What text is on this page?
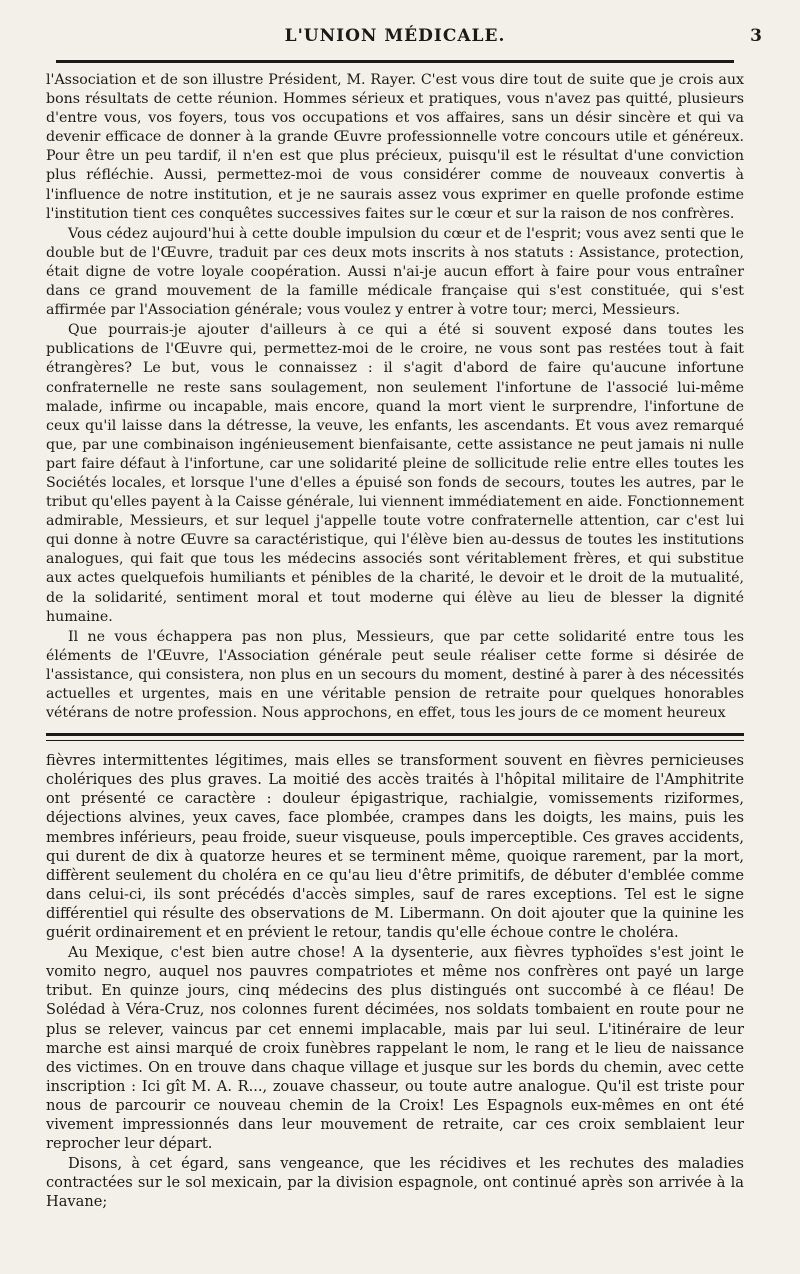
L'UNION MÉDICALE.	3

l'Association et de son illustre Président, M. Rayer. C'est vous dire tout de suite que je crois aux bons résultats de cette réunion. Hommes sérieux et pratiques, vous n'avez pas quitté, plusieurs d'entre vous, vos foyers, tous vos occupations et vos affaires, sans un désir sincère et qui va devenir efficace de donner à la grande Œuvre professionnelle votre concours utile et généreux. Pour être un peu tardif, il n'en est que plus précieux, puisqu'il est le résultat d'une conviction plus réfléchie. Aussi, permettez-moi de vous considérer comme de nouveaux convertis à l'influence de notre institution, et je ne saurais assez vous exprimer en quelle profonde estime l'institution tient ces conquêtes successives faites sur le cœur et sur la raison de nos confrères.

Vous cédez aujourd'hui à cette double impulsion du cœur et de l'esprit; vous avez senti que le double but de l'Œuvre, traduit par ces deux mots inscrits à nos statuts : Assistance, protection, était digne de votre loyale coopération. Aussi n'ai-je aucun effort à faire pour vous entraîner dans ce grand mouvement de la famille médicale française qui s'est constituée, qui s'est affirmée par l'Association générale; vous voulez y entrer à votre tour; merci, Messieurs.

Que pourrais-je ajouter d'ailleurs à ce qui a été si souvent exposé dans toutes les publications de l'Œuvre qui, permettez-moi de le croire, ne vous sont pas restées tout à fait étrangères? Le but, vous le connaissez : il s'agit d'abord de faire qu'aucune infortune confraternelle ne reste sans soulagement, non seulement l'infortune de l'associé lui-même malade, infirme ou incapable, mais encore, quand la mort vient le surprendre, l'infortune de ceux qu'il laisse dans la détresse, la veuve, les enfants, les ascendants. Et vous avez remarqué que, par une combinaison ingénieusement bienfaisante, cette assistance ne peut jamais ni nulle part faire défaut à l'infortune, car une solidarité pleine de sollicitude relie entre elles toutes les Sociétés locales, et lorsque l'une d'elles a épuisé son fonds de secours, toutes les autres, par le tribut qu'elles payent à la Caisse générale, lui viennent immédiatement en aide. Fonctionnement admirable, Messieurs, et sur lequel j'appelle toute votre confraternelle attention, car c'est lui qui donne à notre Œuvre sa caractéristique, qui l'élève bien au-dessus de toutes les institutions analogues, qui fait que tous les médecins associés sont véritablement frères, et qui substitue aux actes quelquefois humiliants et pénibles de la charité, le devoir et le droit de la mutualité, de la solidarité, sentiment moral et tout moderne qui élève au lieu de blesser la dignité humaine.

Il ne vous échappera pas non plus, Messieurs, que par cette solidarité entre tous les éléments de l'Œuvre, l'Association générale peut seule réaliser cette forme si désirée de l'assistance, qui consistera, non plus en un secours du moment, destiné à parer à des nécessités actuelles et urgentes, mais en une véritable pension de retraite pour quelques honorables vétérans de notre profession. Nous approchons, en effet, tous les jours de ce moment heureux

fièvres intermittentes légitimes, mais elles se transforment souvent en fièvres pernicieuses cholériques des plus graves. La moitié des accès traités à l'hôpital militaire de l'Amphitrite ont présenté ce caractère : douleur épigastrique, rachialgie, vomissements riziformes, déjections alvines, yeux caves, face plombée, crampes dans les doigts, les mains, puis les membres inférieurs, peau froide, sueur visqueuse, pouls imperceptible. Ces graves accidents, qui durent de dix à quatorze heures et se terminent même, quoique rarement, par la mort, diffèrent seulement du choléra en ce qu'au lieu d'être primitifs, de débuter d'emblée comme dans celui-ci, ils sont précédés d'accès simples, sauf de rares exceptions. Tel est le signe différentiel qui résulte des observations de M. Libermann. On doit ajouter que la quinine les guérit ordinairement et en prévient le retour, tandis qu'elle échoue contre le choléra.

Au Mexique, c'est bien autre chose! A la dysenterie, aux fièvres typhoïdes s'est joint le vomito negro, auquel nos pauvres compatriotes et même nos confrères ont payé un large tribut. En quinze jours, cinq médecins des plus distingués ont succombé à ce fléau! De Solédad à Véra-Cruz, nos colonnes furent décimées, nos soldats tombaient en route pour ne plus se relever, vaincus par cet ennemi implacable, mais par lui seul. L'itinéraire de leur marche est ainsi marqué de croix funèbres rappelant le nom, le rang et le lieu de naissance des victimes. On en trouve dans chaque village et jusque sur les bords du chemin, avec cette inscription : Ici gît M. A. R..., zouave chasseur, ou toute autre analogue. Qu'il est triste pour nous de parcourir ce nouveau chemin de la Croix! Les Espagnols eux-mêmes en ont été vivement impressionnés dans leur mouvement de retraite, car ces croix semblaient leur reprocher leur départ.

Disons, à cet égard, sans vengeance, que les récidives et les rechutes des maladies contractées sur le sol mexicain, par la division espagnole, ont continué après son arrivée à la Havane;
